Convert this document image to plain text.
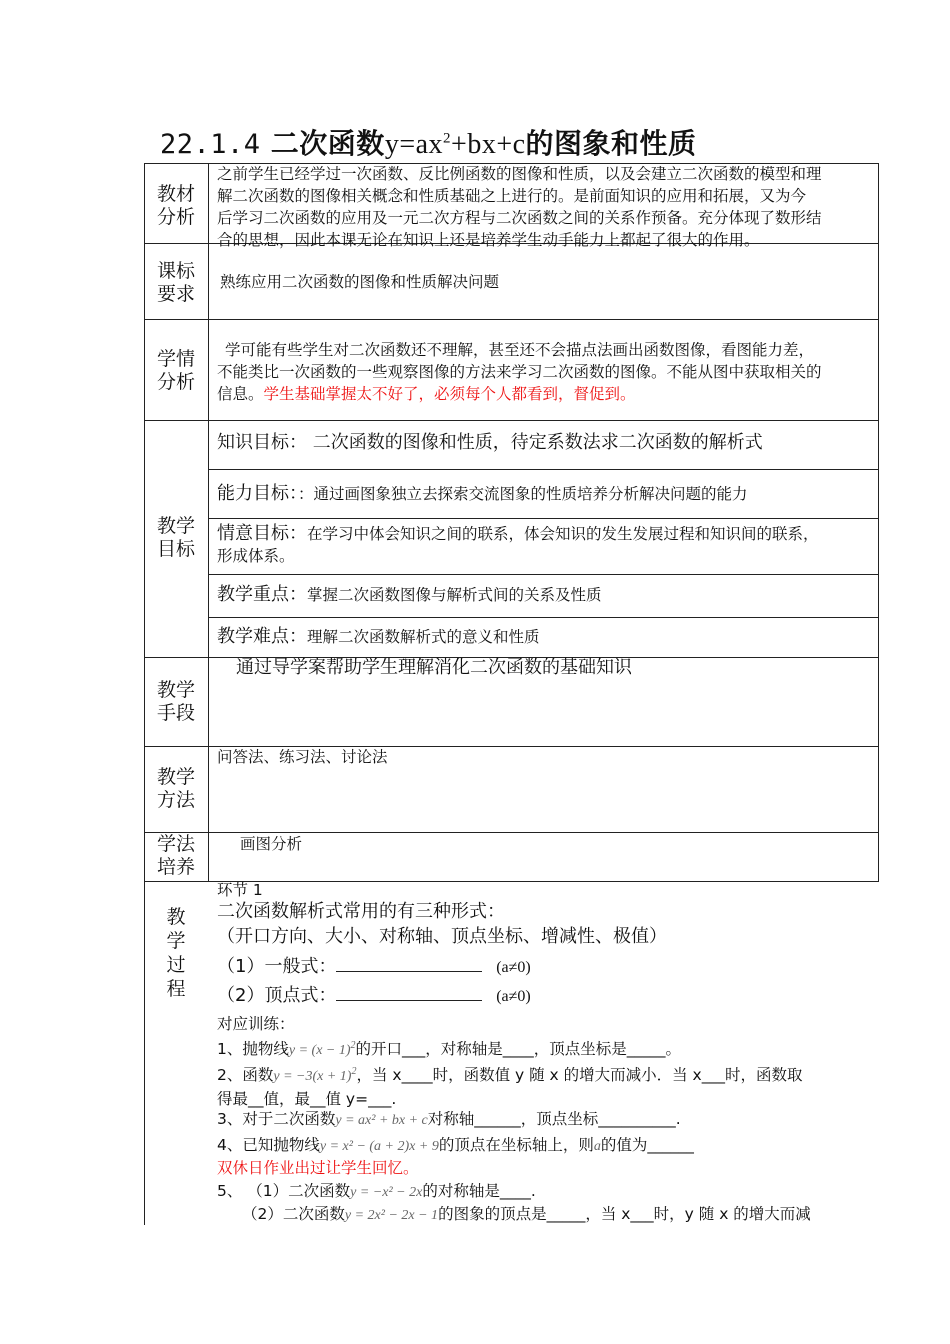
22.1.4 二次函数$y=ax^2+bx+c$的图象和性质
教材
分析
之前学生已经学过一次函数、反比例函数的图像和性质，以及会建立二次函数的模型和理
解二次函数的图像相关概念和性质基础之上进行的。是前面知识的应用和拓展，又为今
后学习二次函数的应用及一元二次方程与二次函数之间的关系作预备。充分体现了数形结
合的思想，因此本课无论在知识上还是培养学生动手能力上都起了很大的作用。
课标
要求
熟练应用二次函数的图像和性质解决问题
学情
分析
学可能有些学生对二次函数还不理解，甚至还不会描点法画出函数图像，看图能力差，
不能类比一次函数的一些观察图像的方法来学习二次函数的图像。不能从图中获取相关的
信息。学生基础掌握太不好了，必须每个人都看到，督促到。
教学
目标
知识目标： 二次函数的图像和性质，待定系数法求二次函数的解析式
能力目标：：通过画图象独立去探索交流图象的性质培养分析解决问题的能力
情意目标：在学习中体会知识之间的联系，体会知识的发生发展过程和知识间的联系，
形成体系。
教学重点：掌握二次函数图像与解析式间的关系及性质
教学难点：理解二次函数解析式的意义和性质
教学
手段
通过导学案帮助学生理解消化二次函数的基础知识
教学
方法
问答法、练习法、讨论法
学法
培养
画图分析
教
学
过
程
环节 1
二次函数解析式常用的有三种形式：
（开口方向、大小、对称轴、顶点坐标、增减性、极值）
（1）一般式：	(a≠0)
（2）顶点式：	(a≠0)
对应训练：
1、抛物线$y = (x - 1)^2$的开口___，对称轴是____，顶点坐标是_____。
2、函数$y = -3(x + 1)^2$，当 x____时，函数值 y 随 x 的增大而减小．当 x___时，函数取
得最__值，最__值 y=___.
3、对于二次函数y = ax² + bx + c对称轴______，顶点坐标__________.
4、已知抛物线y = x² − (a + 2)x + 9的顶点在坐标轴上，则a的值为______
双休日作业出过让学生回忆。
5、 （1）二次函数y = −x² − 2x的对称轴是____.
（2）二次函数y = 2x² − 2x − 1的图象的顶点是_____，当 x___时，y 随 x 的增大而减
